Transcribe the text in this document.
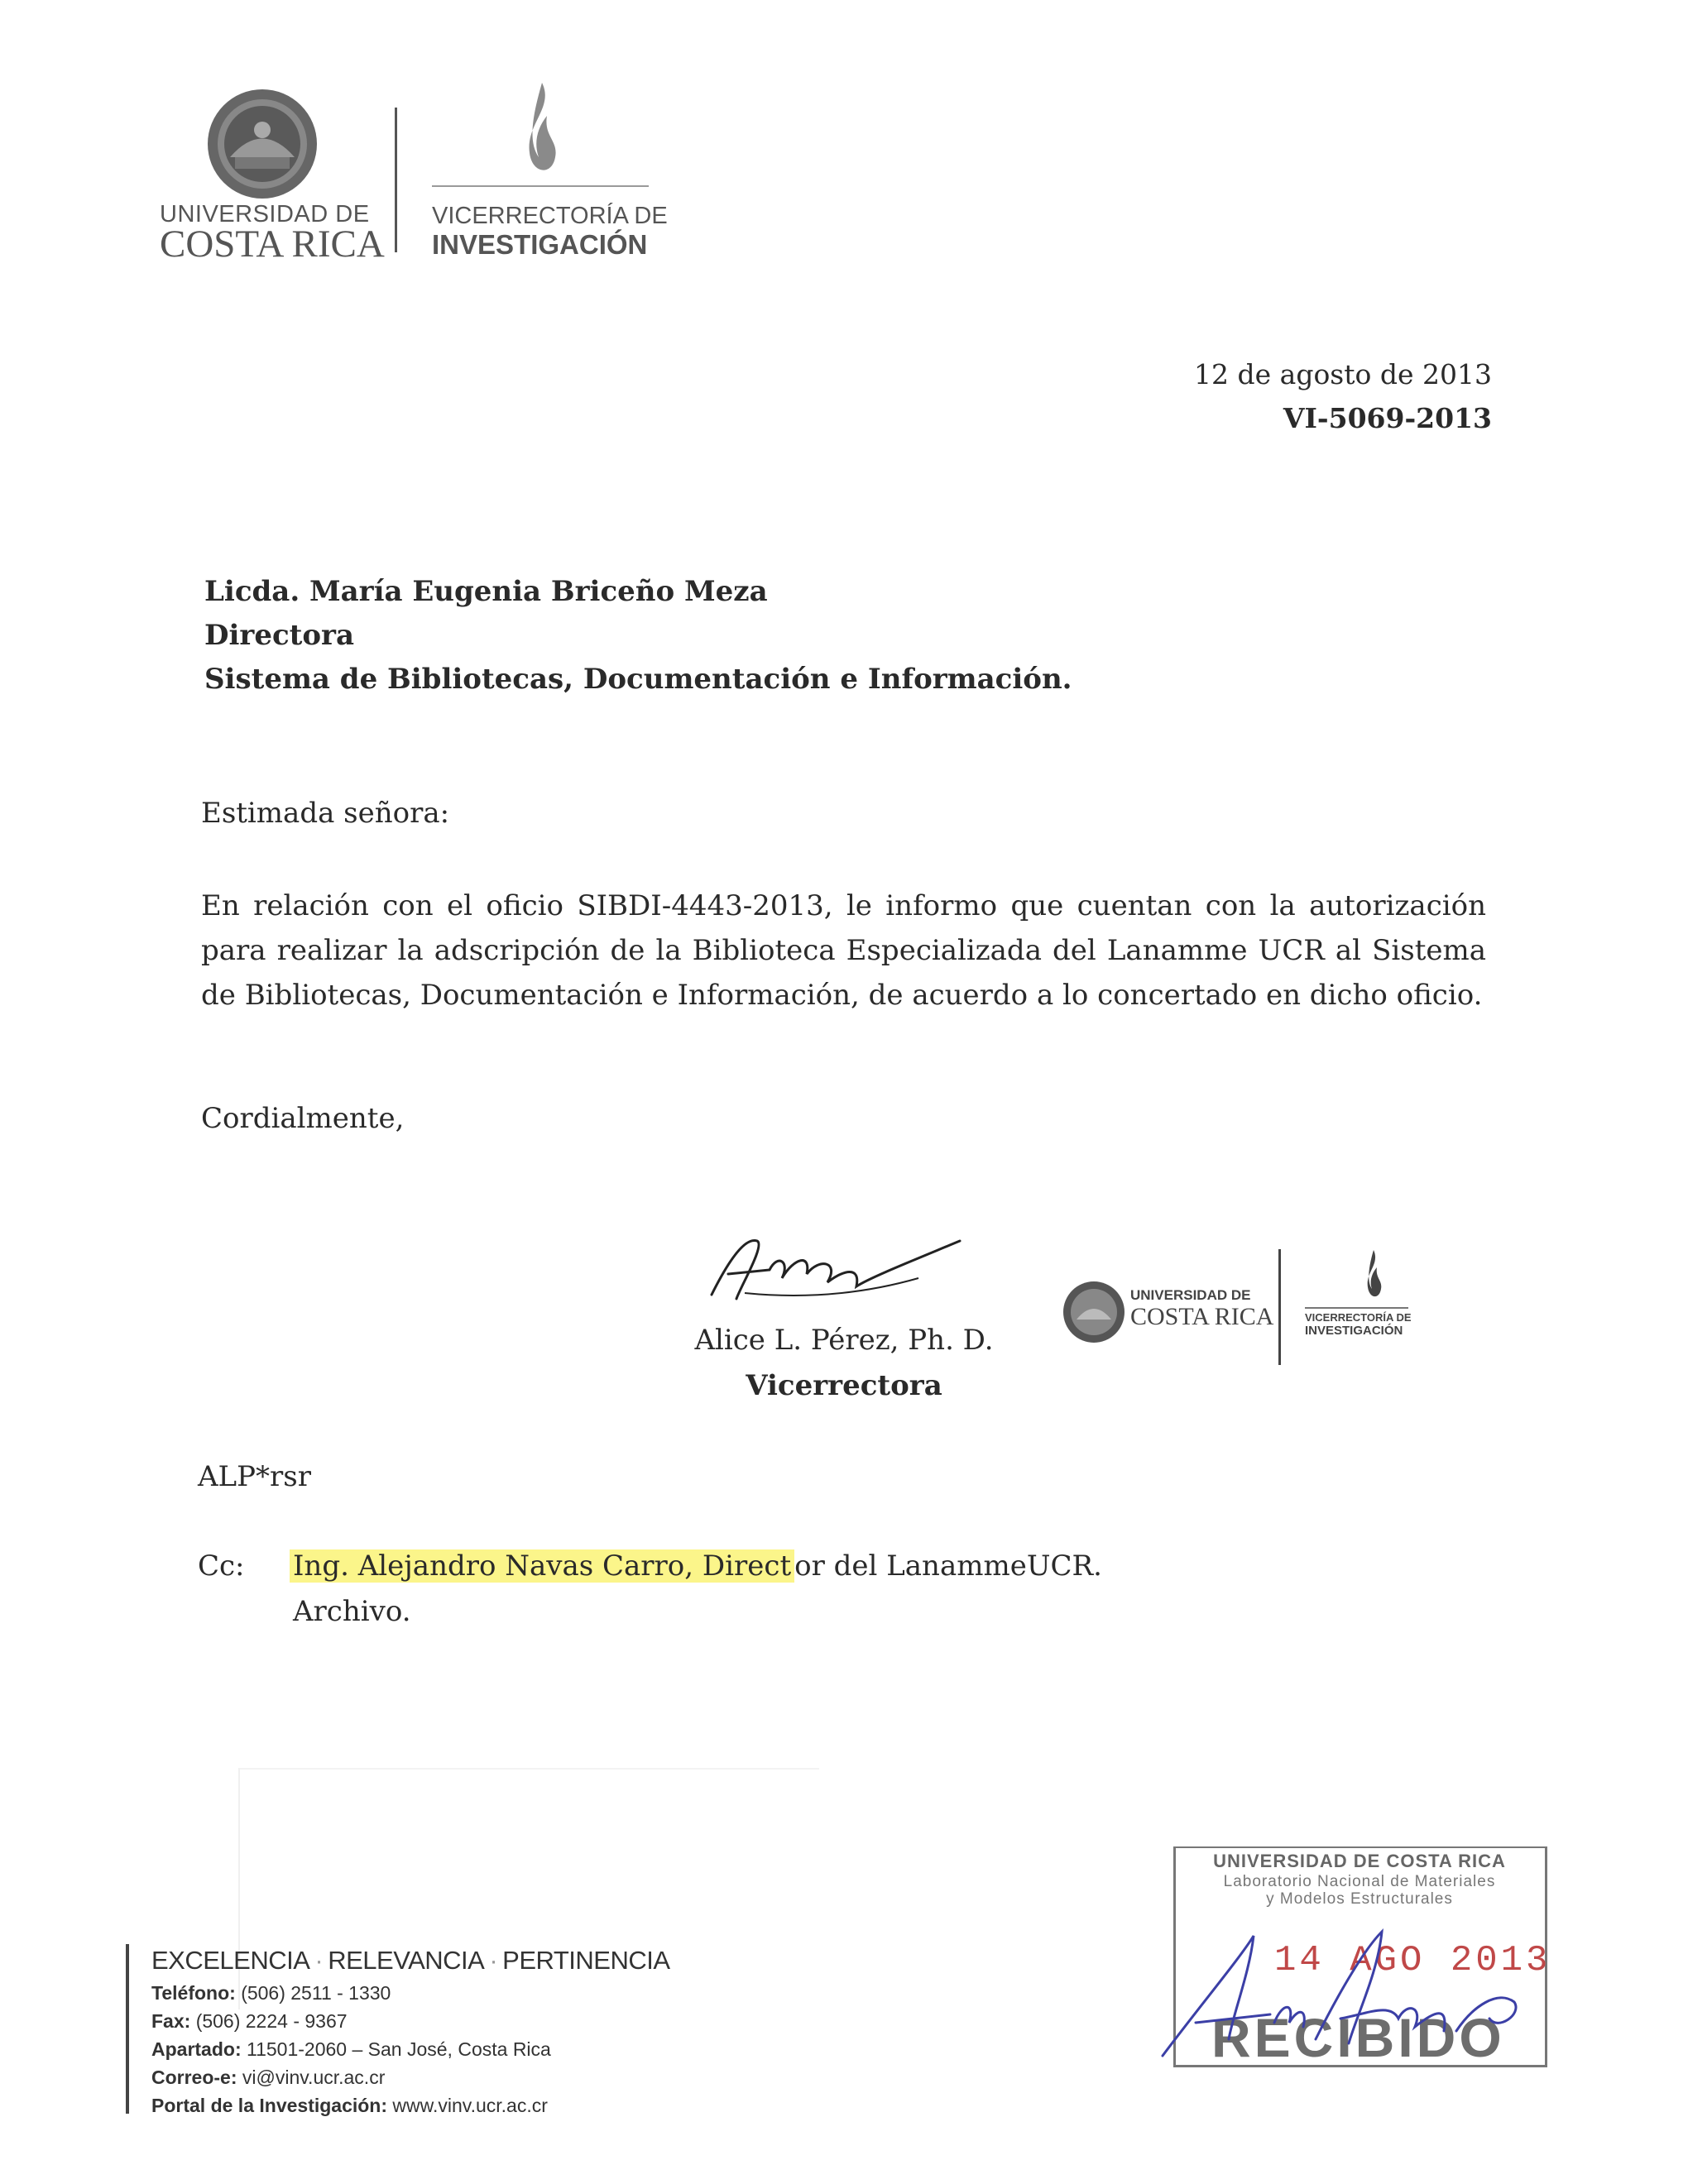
UNIVERSIDAD DE
COSTA RICA
VICERRECTORÍA DE
INVESTIGACIÓN
12 de agosto de 2013
VI-5069-2013
Licda. María Eugenia Briceño Meza
Directora
Sistema de Bibliotecas, Documentación e Información.
Estimada señora:
En relación con el oficio SIBDI-4443-2013, le informo que cuentan con la autorización para realizar la adscripción de la Biblioteca Especializada del Lanamme UCR al Sistema de Bibliotecas, Documentación e Información, de acuerdo a lo concertado en dicho oficio.
Cordialmente,
Alice L. Pérez, Ph. D.
Vicerrectora
UNIVERSIDAD DE
COSTA RICA	VICERRECTORÍA DE
INVESTIGACIÓN
ALP*rsr
Cc: Ing. Alejandro Navas Carro, Direct or del LanammeUCR.
Archivo.
EXCELENCIA · RELEVANCIA · PERTINENCIA
Teléfono: (506) 2511 - 1330
Fax: (506) 2224 - 9367
Apartado: 11501-2060 – San José, Costa Rica
Correo-e: vi@vinv.ucr.ac.cr
Portal de la Investigación: www.vinv.ucr.ac.cr
UNIVERSIDAD DE COSTA RICA
Laboratorio Nacional de Materiales
y Modelos Estructurales
14 AGO 2013
RECIBIDO
